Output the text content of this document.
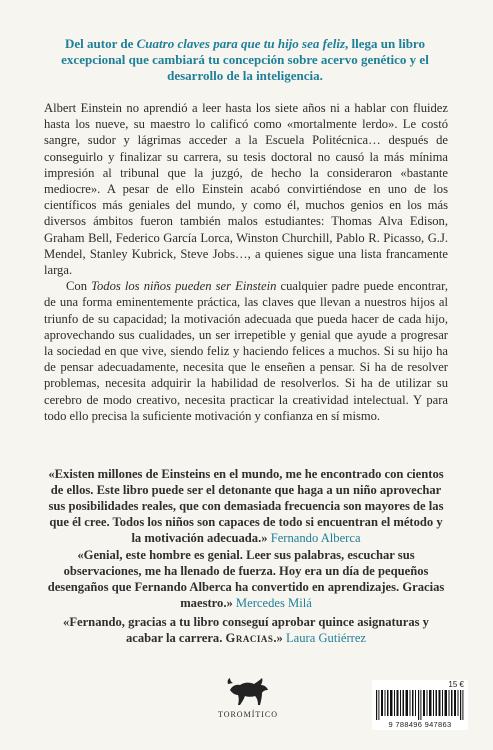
Del autor de Cuatro claves para que tu hijo sea feliz, llega un libro excepcional que cambiará tu concepción sobre acervo genético y el desarrollo de la inteligencia.

Albert Einstein no aprendió a leer hasta los siete años ni a hablar con fluidez hasta los nueve, su maestro lo calificó como «mortalmente lerdo». Le costó sangre, sudor y lágrimas acceder a la Escuela Politécnica… después de conseguirlo y finalizar su carrera, su tesis doctoral no causó la más mínima impresión al tribunal que la juzgó, de hecho la consideraron «bastante mediocre». A pesar de ello Einstein acabó convirtiéndose en uno de los científicos más geniales del mundo, y como él, muchos genios en los más diversos ámbitos fueron también malos estudiantes: Thomas Alva Edison, Graham Bell, Federico García Lorca, Winston Churchill, Pablo R. Picasso, G.J. Mendel, Stanley Kubrick, Steve Jobs…, a quienes sigue una lista francamente larga.

Con Todos los niños pueden ser Einstein cualquier padre puede encontrar, de una forma eminentemente práctica, las claves que llevan a nuestros hijos al triunfo de su capacidad; la motivación adecuada que pueda hacer de cada hijo, aprovechando sus cualidades, un ser irrepetible y genial que ayude a progresar la sociedad en que vive, siendo feliz y haciendo felices a muchos. Si su hijo ha de pensar adecuadamente, necesita que le enseñen a pensar. Si ha de resolver problemas, necesita adquirir la habilidad de resolverlos. Si ha de utilizar su cerebro de modo creativo, necesita practicar la creatividad intelectual. Y para todo ello precisa la suficiente motivación y confianza en sí mismo.

«Existen millones de Einsteins en el mundo, me he encontrado con cientos de ellos. Este libro puede ser el detonante que haga a un niño aprovechar sus posibilidades reales, que con demasiada frecuencia son mayores de las que él cree. Todos los niños son capaces de todo si encuentran el método y la motivación adecuada.» Fernando Alberca
«Genial, este hombre es genial. Leer sus palabras, escuchar sus observaciones, me ha llenado de fuerza. Hoy era un día de pequeños desengaños que Fernando Alberca ha convertido en aprendizajes. Gracias maestro.» Mercedes Milá
«Fernando, gracias a tu libro conseguí aprobar quince asignaturas y acabar la carrera. Gracias.» Laura Gutiérrez
TOROMÍTICO
15 €
9 788496 947863
